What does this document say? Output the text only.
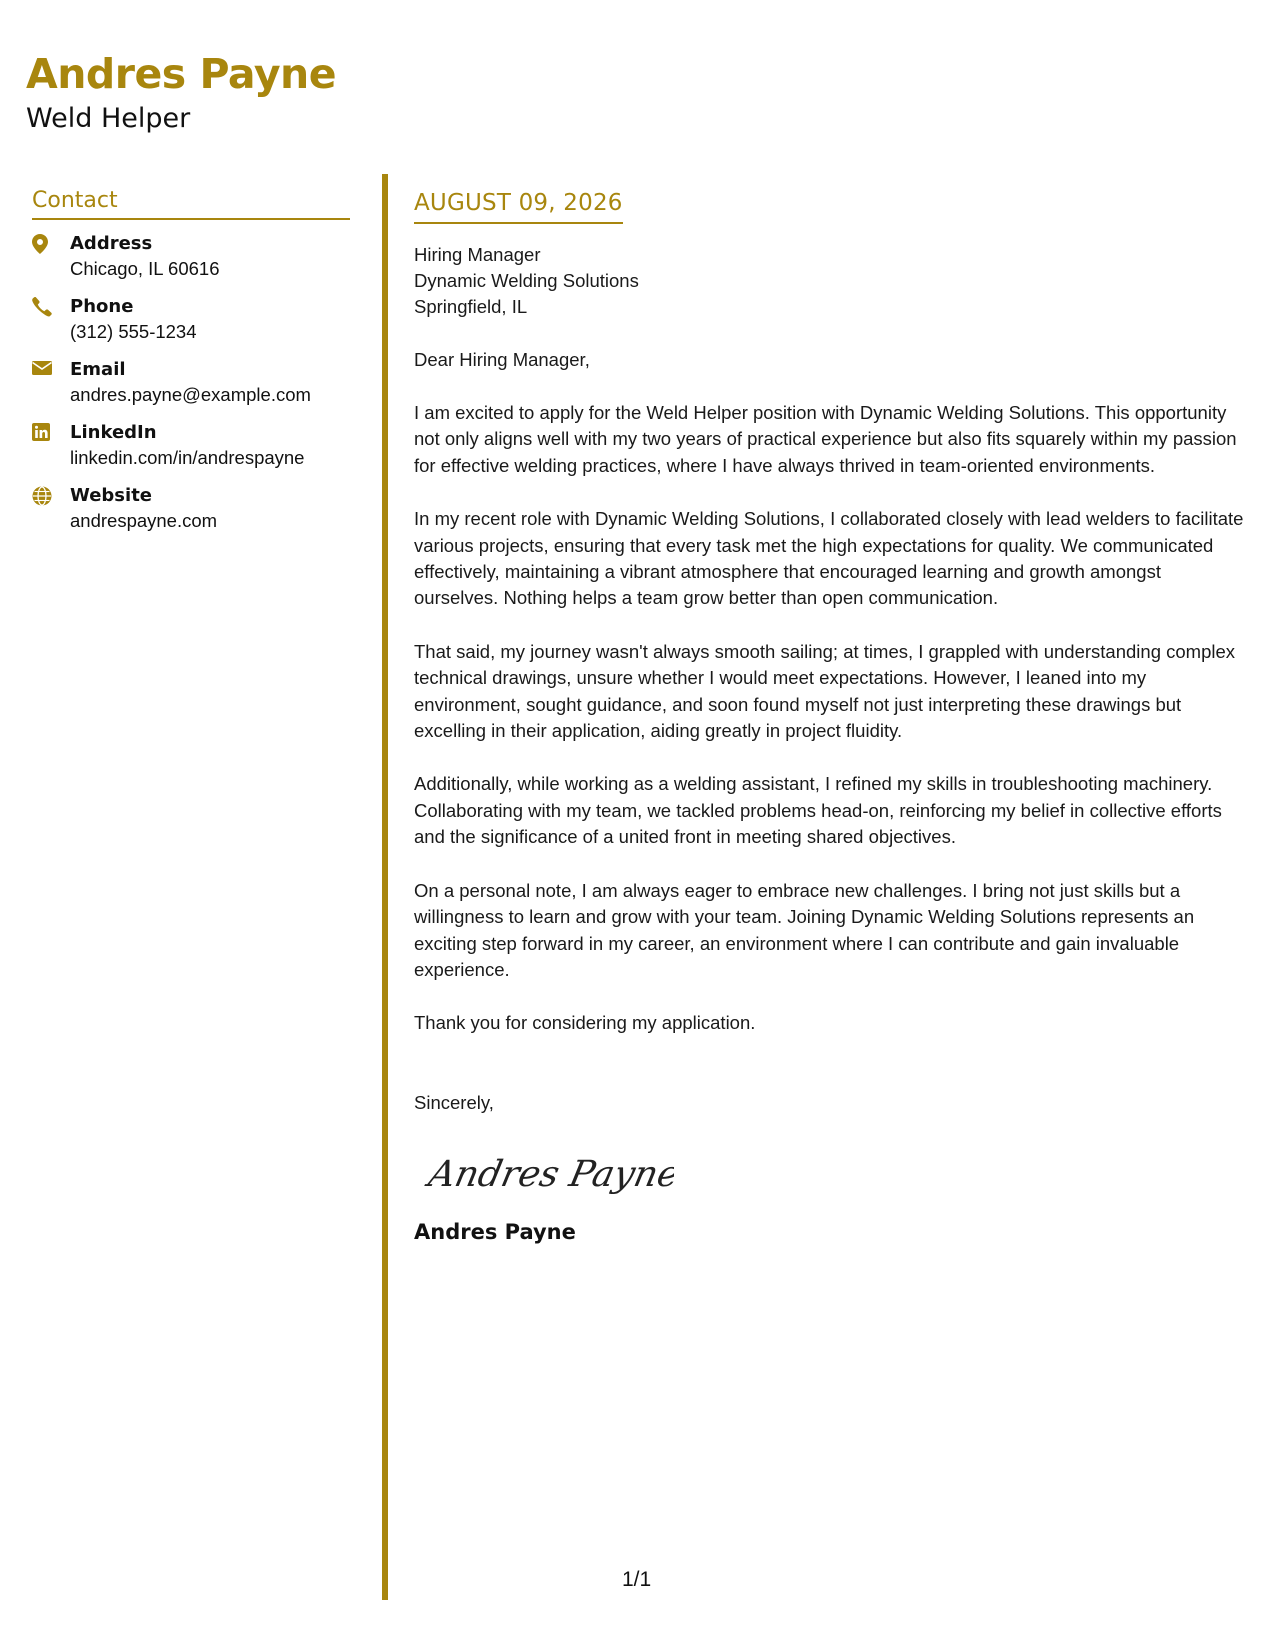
Andres Payne
Weld Helper
Contact
Address
Chicago, IL 60616
Phone
(312) 555-1234
Email
andres.payne@example.com
LinkedIn
linkedin.com/in/andrespayne
Website
andrespayne.com
AUGUST 09, 2026
Hiring Manager
Dynamic Welding Solutions
Springfield, IL
Dear Hiring Manager,
I am excited to apply for the Weld Helper position with Dynamic Welding Solutions. This opportunity not only aligns well with my two years of practical experience but also fits squarely within my passion for effective welding practices, where I have always thrived in team-oriented environments.
In my recent role with Dynamic Welding Solutions, I collaborated closely with lead welders to facilitate various projects, ensuring that every task met the high expectations for quality. We communicated effectively, maintaining a vibrant atmosphere that encouraged learning and growth amongst ourselves. Nothing helps a team grow better than open communication.
That said, my journey wasn't always smooth sailing; at times, I grappled with understanding complex technical drawings, unsure whether I would meet expectations. However, I leaned into my environment, sought guidance, and soon found myself not just interpreting these drawings but excelling in their application, aiding greatly in project fluidity.
Additionally, while working as a welding assistant, I refined my skills in troubleshooting machinery. Collaborating with my team, we tackled problems head-on, reinforcing my belief in collective efforts and the significance of a united front in meeting shared objectives.
On a personal note, I am always eager to embrace new challenges. I bring not just skills but a willingness to learn and grow with your team. Joining Dynamic Welding Solutions represents an exciting step forward in my career, an environment where I can contribute and gain invaluable experience.
Thank you for considering my application.
Sincerely,
Andres Payne
Andres Payne
1/1
